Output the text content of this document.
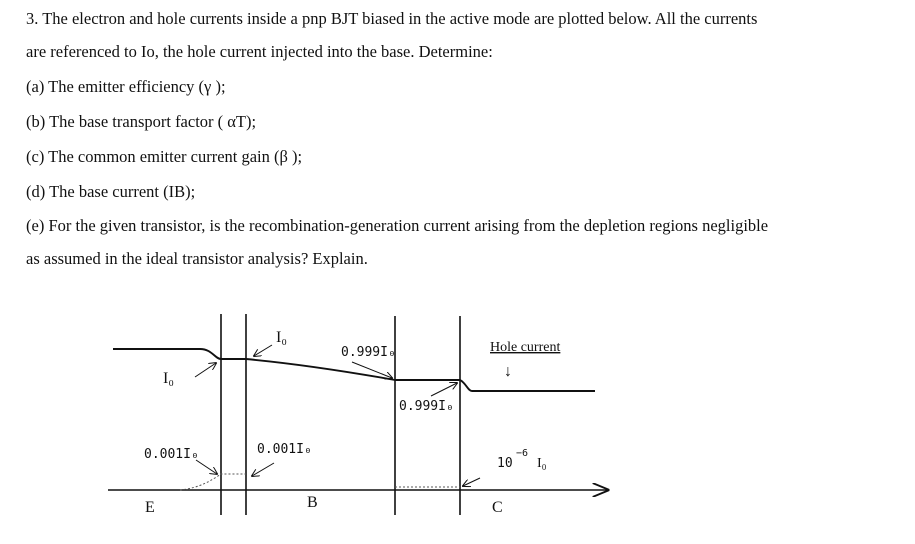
3. The electron and hole currents inside a pnp BJT biased in the active mode are plotted below. All the currents
are referenced to Io, the hole current injected into the base. Determine:
(a) The emitter efficiency (γ );
(b) The base transport factor ( αT);
(c) The common emitter current gain (β );
(d) The base current (IB);
(e) For the given transistor, is the recombination-generation current arising from the depletion regions negligible
as assumed in the ideal transistor analysis? Explain.
I₀
I₀
0.999I₀
0.999I₀
Hole current
↓
0.001I₀	0.001I₀
10
−6
I₀
E	B	C
